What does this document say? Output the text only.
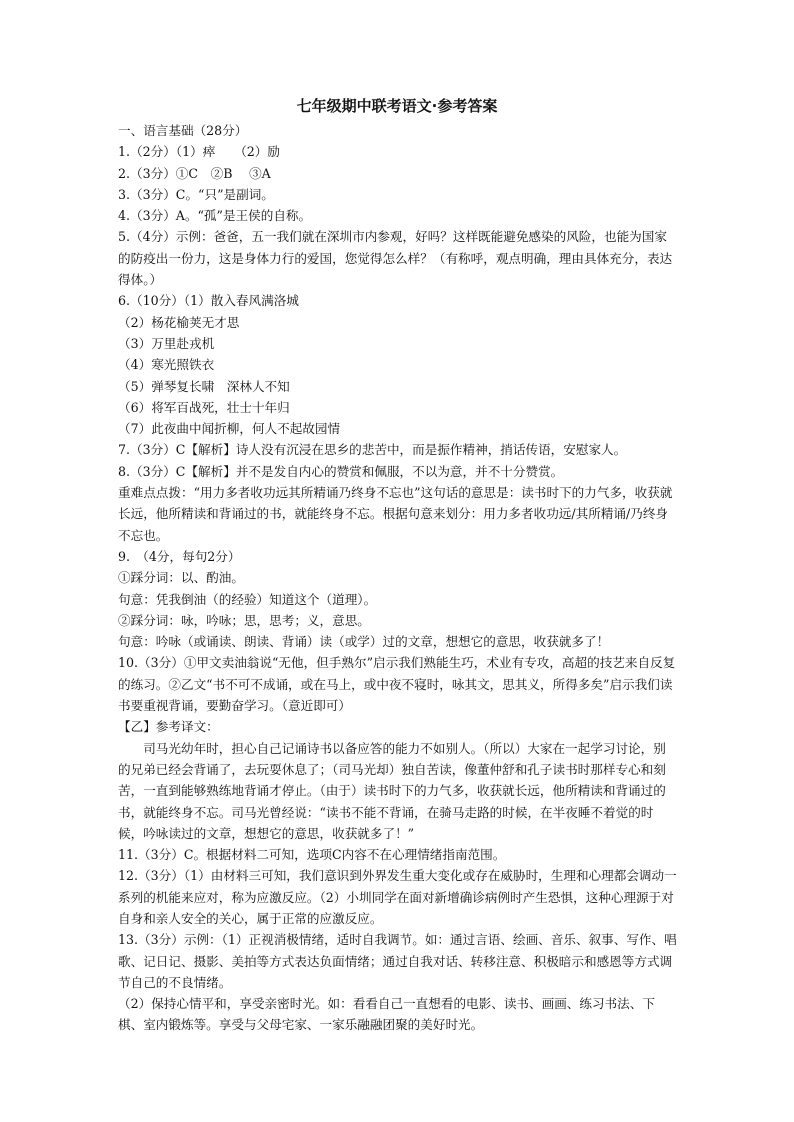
七年级期中联考语文·参考答案

一、语言基础（28分）

1.（2分）（1）瘁　　（2）励

2.（3分）①C　②B　 ③A

3.（3分）C。“只”是副词。

4.（3分）A。“孤”是王侯的自称。

5.（4分）示例：爸爸，五一我们就在深圳市内参观，好吗？这样既能避免感染的风险，也能为国家的防疫出一份力，这是身体力行的爱国，您觉得怎么样？（有称呼，观点明确，理由具体充分，表达得体。）

6.（10分）（1）散入春风满洛城

（2）杨花榆荚无才思

（3）万里赴戎机

（4）寒光照铁衣

（5）弹琴复长啸　深林人不知

（6）将军百战死，壮士十年归

（7）此夜曲中闻折柳，何人不起故园情

7.（3分）C【解析】诗人没有沉浸在思乡的悲苦中，而是振作精神，捎话传语，安慰家人。

8.（3分）C【解析】并不是发自内心的赞赏和佩服，不以为意，并不十分赞赏。

重难点点拨：“用力多者收功远其所精诵乃终身不忘也”这句话的意思是：读书时下的力气多，收获就长远，他所精读和背诵过的书，就能终身不忘。根据句意来划分：用力多者收功远/其所精诵/乃终身不忘也。

9.　（4分，每句2分）

①踩分词：以、酌油。

句意：凭我倒油（的经验）知道这个（道理）。

②踩分词：咏，吟咏；思，思考；义，意思。

句意：吟咏（或诵读、朗读、背诵）读（或学）过的文章，想想它的意思，收获就多了！

10.（3分）①甲文卖油翁说“无他，但手熟尔”启示我们熟能生巧，术业有专攻，高超的技艺来自反复的练习。②乙文“书不可不成诵，或在马上，或中夜不寝时，咏其文，思其义，所得多矣”启示我们读书要重视背诵，要勤奋学习。（意近即可）

【乙】参考译文：

司马光幼年时，担心自己记诵诗书以备应答的能力不如别人。（所以）大家在一起学习讨论，别的兄弟已经会背诵了，去玩耍休息了；（司马光却）独自苦读，像董仲舒和孔子读书时那样专心和刻苦，一直到能够熟练地背诵才停止。（由于）读书时下的力气多，收获就长远，他所精读和背诵过的书，就能终身不忘。司马光曾经说：“读书不能不背诵，在骑马走路的时候，在半夜睡不着觉的时候，吟咏读过的文章，想想它的意思，收获就多了！”

11.（3分）C。根据材料二可知，选项C内容不在心理情绪指南范围。

12.（3分）（1）由材料三可知，我们意识到外界发生重大变化或存在威胁时，生理和心理都会调动一系列的机能来应对，称为应激反应。（2）小圳同学在面对新增确诊病例时产生恐惧，这种心理源于对自身和亲人安全的关心，属于正常的应激反应。

13.（3分）示例：（1）正视消极情绪，适时自我调节。如：通过言语、绘画、音乐、叙事、写作、唱歌、记日记、摄影、美拍等方式表达负面情绪；通过自我对话、转移注意、积极暗示和感恩等方式调节自己的不良情绪。

（2）保持心情平和，享受亲密时光。如：看看自己一直想看的电影、读书、画画、练习书法、下棋、室内锻炼等。享受与父母宅家、一家乐融融团聚的美好时光。
